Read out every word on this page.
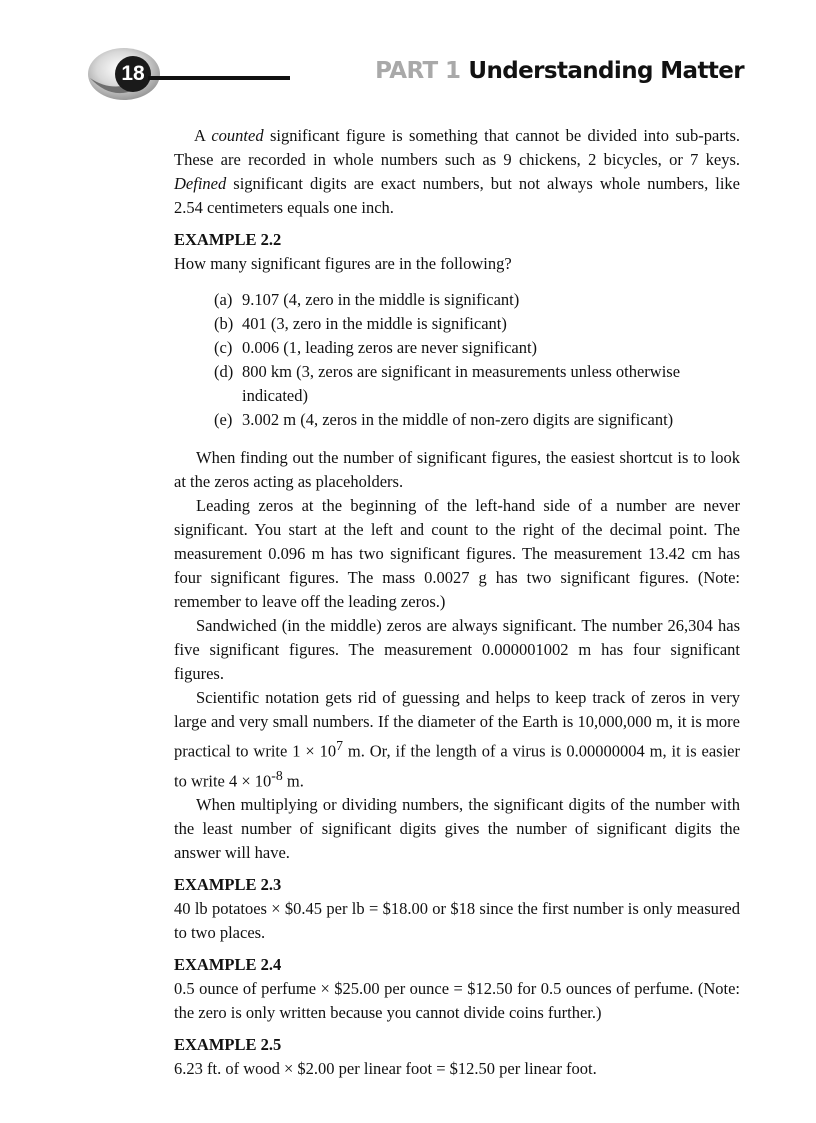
18	PART 1 Understanding Matter

A counted significant figure is something that cannot be divided into sub-parts. These are recorded in whole numbers such as 9 chickens, 2 bicycles, or 7 keys. Defined significant digits are exact numbers, but not always whole numbers, like 2.54 centimeters equals one inch.

EXAMPLE 2.2

How many significant figures are in the following?

(a) 9.107 (4, zero in the middle is significant)
(b) 401 (3, zero in the middle is significant)
(c) 0.006 (1, leading zeros are never significant)
(d) 800 km (3, zeros are significant in measurements unless otherwise indicated)
(e) 3.002 m (4, zeros in the middle of non-zero digits are significant)

When finding out the number of significant figures, the easiest shortcut is to look at the zeros acting as placeholders.

Leading zeros at the beginning of the left-hand side of a number are never significant. You start at the left and count to the right of the decimal point. The measurement 0.096 m has two significant figures. The measurement 13.42 cm has four significant figures. The mass 0.0027 g has two significant figures. (Note: remember to leave off the leading zeros.)

Sandwiched (in the middle) zeros are always significant. The number 26,304 has five significant figures. The measurement 0.000001002 m has four significant figures.

Scientific notation gets rid of guessing and helps to keep track of zeros in very large and very small numbers. If the diameter of the Earth is 10,000,000 m, it is more practical to write $1 \times 10^7$ m. Or, if the length of a virus is 0.00000004 m, it is easier to write $4 \times 10^{-8}$ m.

When multiplying or dividing numbers, the significant digits of the number with the least number of significant digits gives the number of significant digits the answer will have.

EXAMPLE 2.3

40 lb potatoes × $0.45 per lb = $18.00 or $18 since the first number is only measured to two places.

EXAMPLE 2.4

0.5 ounce of perfume × $25.00 per ounce = $12.50 for 0.5 ounces of perfume. (Note: the zero is only written because you cannot divide coins further.)

EXAMPLE 2.5

6.23 ft. of wood × $2.00 per linear foot = $12.50 per linear foot.
